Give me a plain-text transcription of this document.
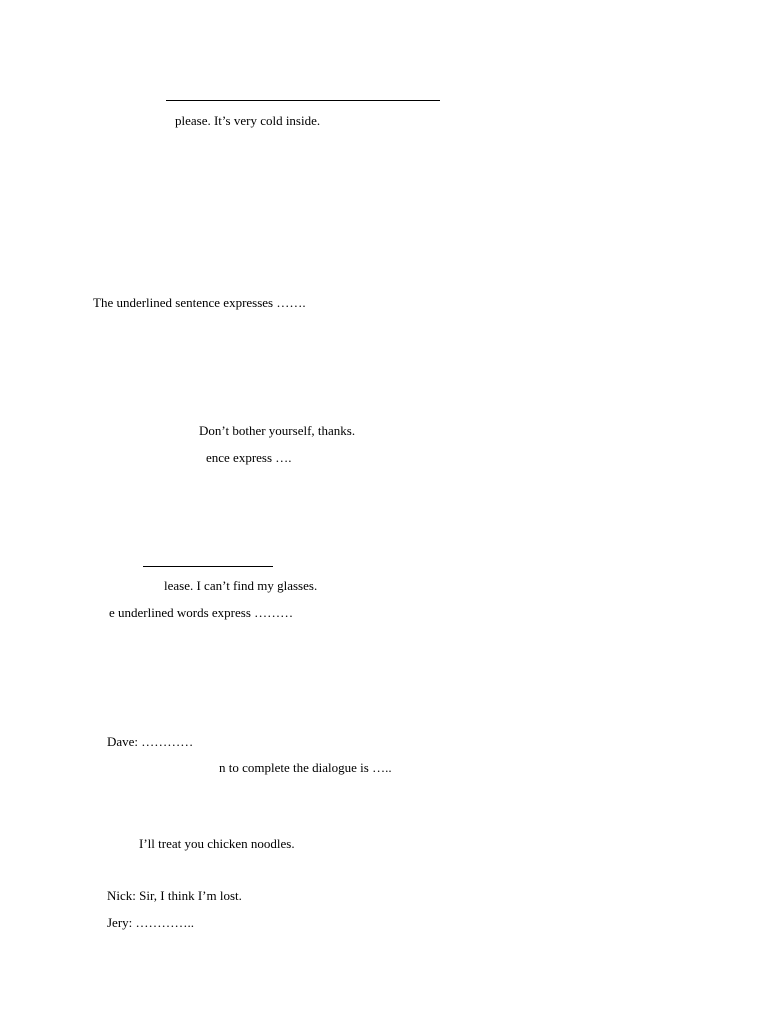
please. It’s very cold inside.
The underlined sentence expresses …….
Don’t bother yourself, thanks.
ence express ….
lease. I can’t find my glasses.
e underlined words express ………
Dave: …………
n to complete the dialogue is …..
I’ll treat you chicken noodles.
Nick: Sir, I think I’m lost.
Jery: …………..
